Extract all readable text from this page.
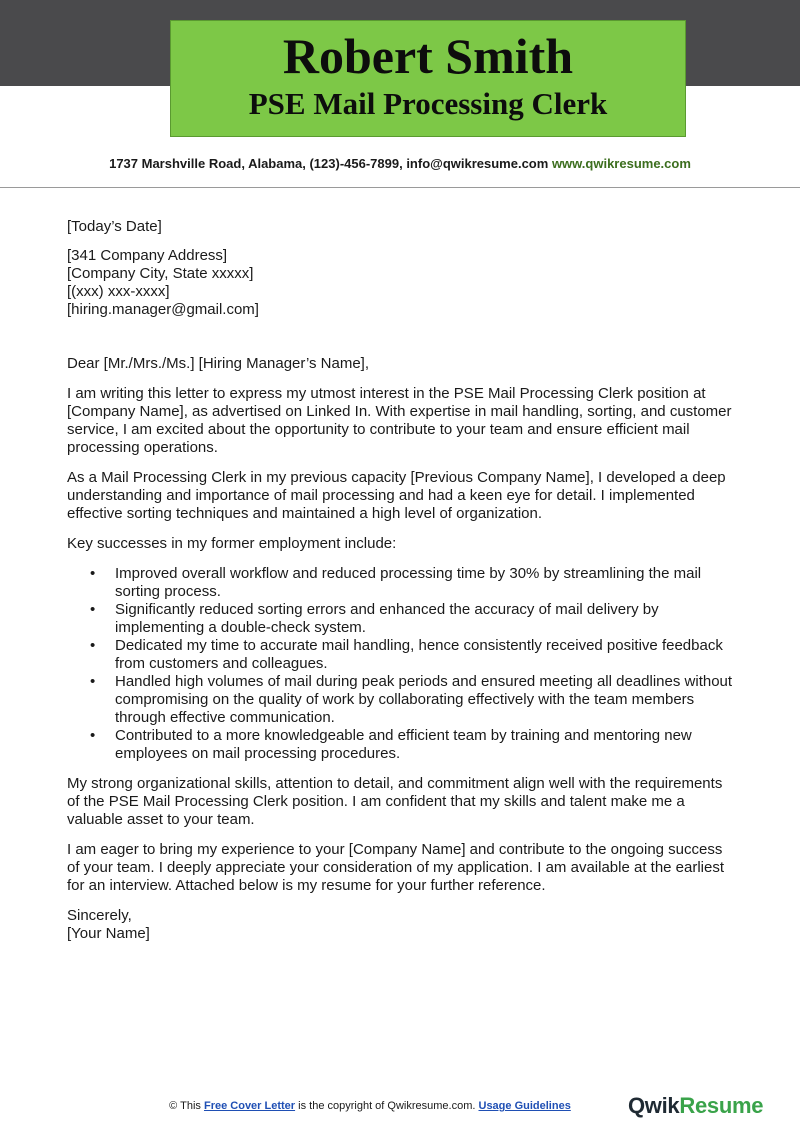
Robert Smith
PSE Mail Processing Clerk
1737 Marshville Road, Alabama, (123)-456-7899, info@qwikresume.com www.qwikresume.com

[Today’s Date]

[341 Company Address]
[Company City, State xxxxx]
[(xxx) xxx-xxxx]
[hiring.manager@gmail.com]

Dear [Mr./Mrs./Ms.] [Hiring Manager’s Name],

I am writing this letter to express my utmost interest in the PSE Mail Processing Clerk position at [Company Name], as advertised on Linked In. With expertise in mail handling, sorting, and customer service, I am excited about the opportunity to contribute to your team and ensure efficient mail processing operations.

As a Mail Processing Clerk in my previous capacity [Previous Company Name], I developed a deep understanding and importance of mail processing and had a keen eye for detail. I implemented effective sorting techniques and maintained a high level of organization.

Key successes in my former employment include:

• Improved overall workflow and reduced processing time by 30% by streamlining the mail sorting process.
• Significantly reduced sorting errors and enhanced the accuracy of mail delivery by implementing a double-check system.
• Dedicated my time to accurate mail handling, hence consistently received positive feedback from customers and colleagues.
• Handled high volumes of mail during peak periods and ensured meeting all deadlines without compromising on the quality of work by collaborating effectively with the team members through effective communication.
• Contributed to a more knowledgeable and efficient team by training and mentoring new employees on mail processing procedures.

My strong organizational skills, attention to detail, and commitment align well with the requirements of the PSE Mail Processing Clerk position. I am confident that my skills and talent make me a valuable asset to your team.

I am eager to bring my experience to your [Company Name] and contribute to the ongoing success of your team. I deeply appreciate your consideration of my application. I am available at the earliest for an interview. Attached below is my resume for your further reference.

Sincerely,

[Your Name]

© This Free Cover Letter is the copyright of Qwikresume.com. Usage Guidelines	QwikResume
